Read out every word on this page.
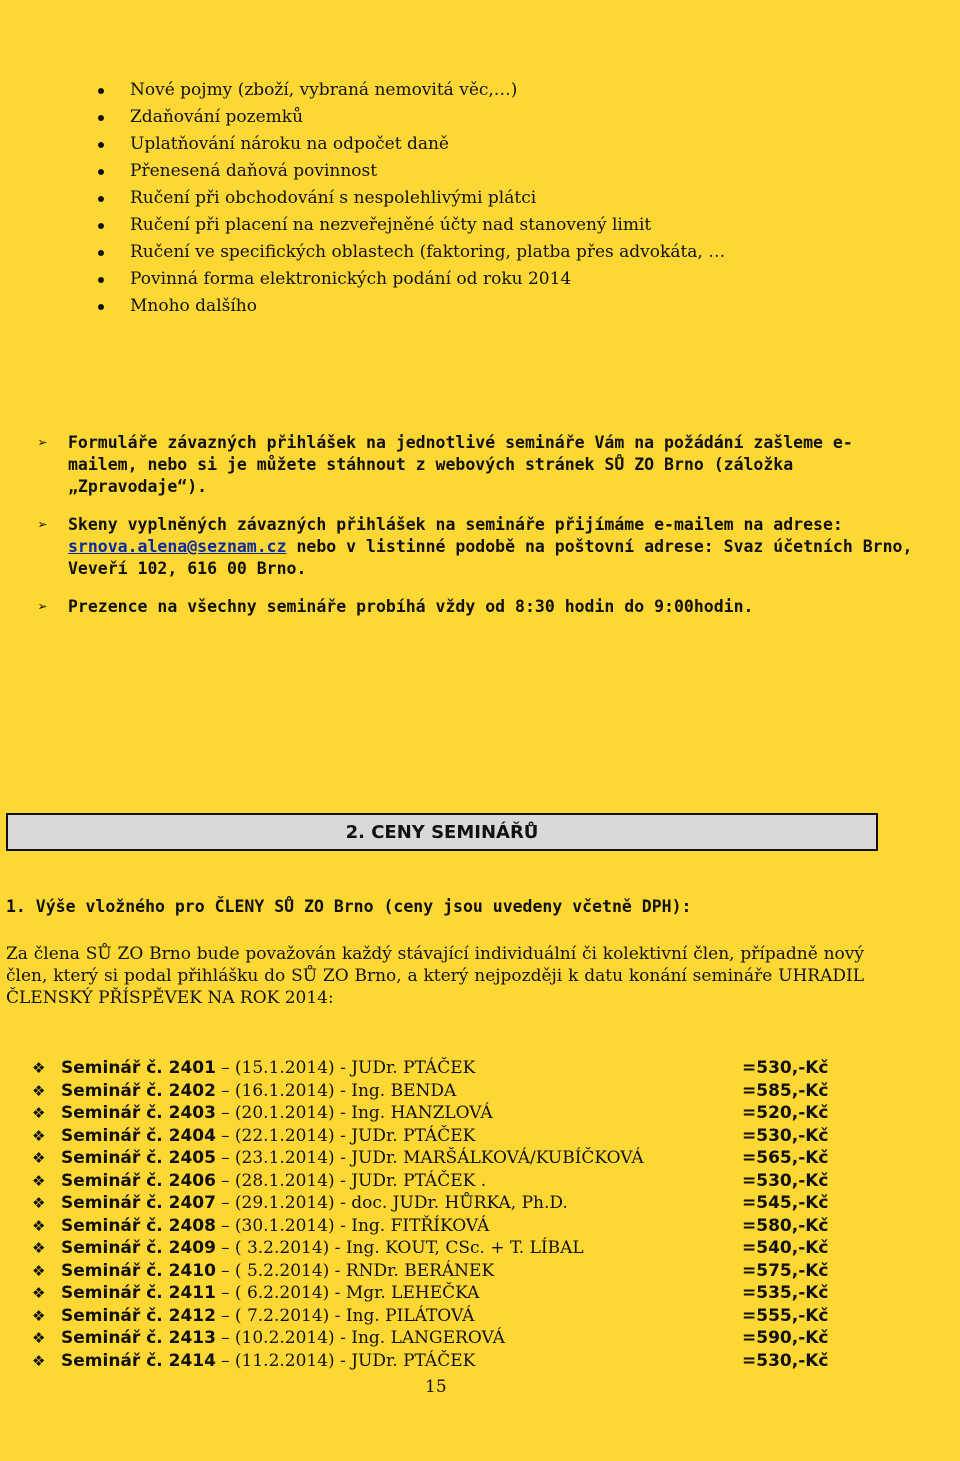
Nové pojmy (zboží, vybraná nemovitá věc,…)
Zdaňování pozemků
Uplatňování nároku na odpočet daně
Přenesená daňová povinnost
Ručení při obchodování s nespolehlivými plátci
Ručení při placení na nezveřejněné účty nad stanovený limit
Ručení ve specifických oblastech (faktoring, platba přes advokáta, …
Povinná forma elektronických podání od roku 2014
Mnoho dalšího
➢ Formuláře závazných přihlášek na jednotlivé semináře Vám na požádání zašleme e-mailem, nebo si je můžete stáhnout z webových stránek SŮ ZO Brno (záložka „Zpravodaje“).
➢ Skeny vyplněných závazných přihlášek na semináře přijímáme e-mailem na adrese: srnova.alena@seznam.cz nebo v listinné podobě na poštovní adrese: Svaz účetních Brno, Veveří 102, 616 00 Brno.
➢ Prezence na všechny semináře probíhá vždy od 8:30 hodin do 9:00hodin.
2. CENY SEMINÁŘŮ
1. Výše vložného pro ČLENY SŮ ZO Brno (ceny jsou uvedeny včetně DPH):
Za člena SŮ ZO Brno bude považován každý stávající individuální či kolektivní člen, případně nový člen, který si podal přihlášku do SŮ ZO Brno, a který nejpozději k datu konání semináře UHRADIL ČLENSKÝ PŘÍSPĚVEK NA ROK 2014:
❖ Seminář č. 2401 – (15.1.2014) - JUDr. PTÁČEK	=530,-Kč
❖ Seminář č. 2402 – (16.1.2014) - Ing. BENDA	=585,-Kč
❖ Seminář č. 2403 – (20.1.2014) - Ing. HANZLOVÁ	=520,-Kč
❖ Seminář č. 2404 – (22.1.2014) - JUDr. PTÁČEK	=530,-Kč
❖ Seminář č. 2405 – (23.1.2014) - JUDr. MARŠÁLKOVÁ/KUBÍČKOVÁ	=565,-Kč
❖ Seminář č. 2406 – (28.1.2014) - JUDr. PTÁČEK .	=530,-Kč
❖ Seminář č. 2407 – (29.1.2014) - doc. JUDr. HŮRKA, Ph.D.	=545,-Kč
❖ Seminář č. 2408 – (30.1.2014) - Ing. FITŘÍKOVÁ	=580,-Kč
❖ Seminář č. 2409 – ( 3.2.2014) - Ing. KOUT, CSc. + T. LÍBAL	=540,-Kč
❖ Seminář č. 2410 – ( 5.2.2014) - RNDr. BERÁNEK	=575,-Kč
❖ Seminář č. 2411 – ( 6.2.2014) - Mgr. LEHEČKA	=535,-Kč
❖ Seminář č. 2412 – ( 7.2.2014) - Ing. PILÁTOVÁ	=555,-Kč
❖ Seminář č. 2413 – (10.2.2014) - Ing. LANGEROVÁ	=590,-Kč
❖ Seminář č. 2414 – (11.2.2014) - JUDr. PTÁČEK	=530,-Kč
15
